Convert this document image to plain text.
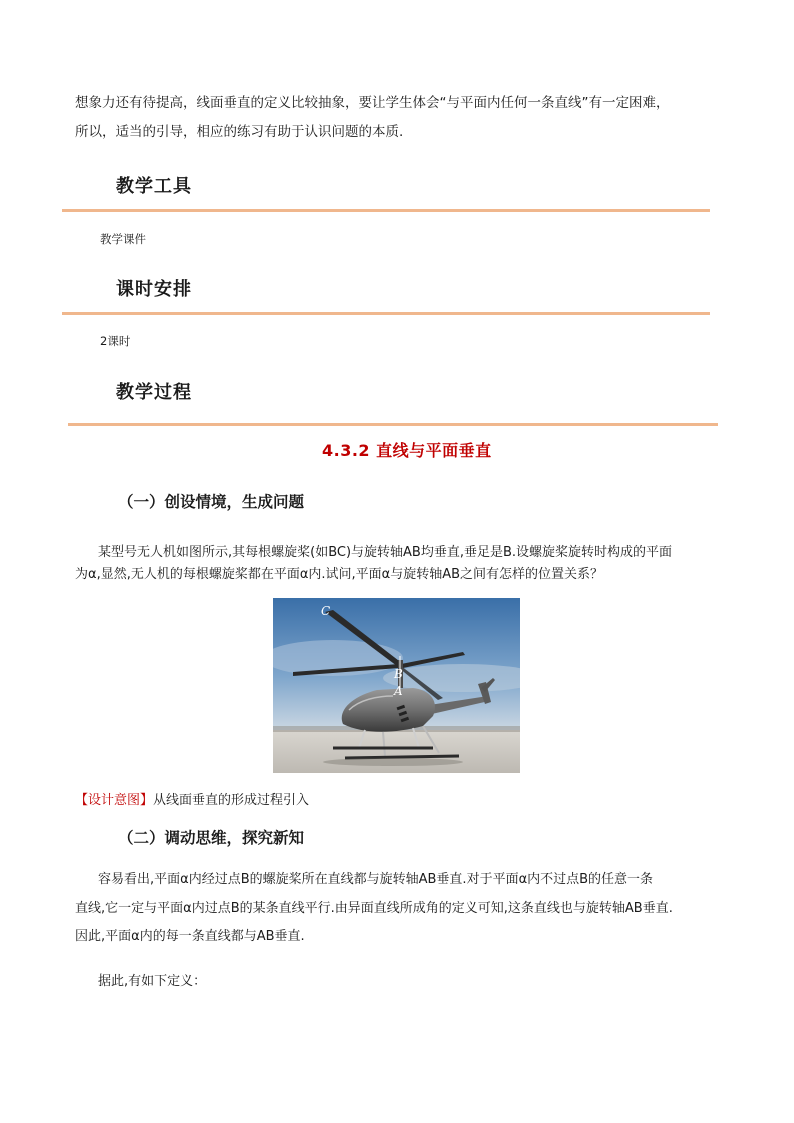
想象力还有待提高，线面垂直的定义比较抽象，要让学生体会“与平面内任何一条直线”有一定困难，
所以，适当的引导，相应的练习有助于认识问题的本质.
教学工具
教学课件
课时安排
2课时
教学过程
4.3.2 直线与平面垂直
（一）创设情境，生成问题
某型号无人机如图所示,其每根螺旋桨(如BC)与旋转轴AB均垂直,垂足是B.设螺旋桨旋转时构成的平面
为α,显然,无人机的每根螺旋桨都在平面α内.试问,平面α与旋转轴AB之间有怎样的位置关系？
C
B
A
【设计意图】从线面垂直的形成过程引入
（二）调动思维，探究新知
容易看出,平面α内经过点B的螺旋桨所在直线都与旋转轴AB垂直.对于平面α内不过点B的任意一条
直线,它一定与平面α内过点B的某条直线平行.由异面直线所成角的定义可知,这条直线也与旋转轴AB垂直.
因此,平面α内的每一条直线都与AB垂直.
据此,有如下定义：
